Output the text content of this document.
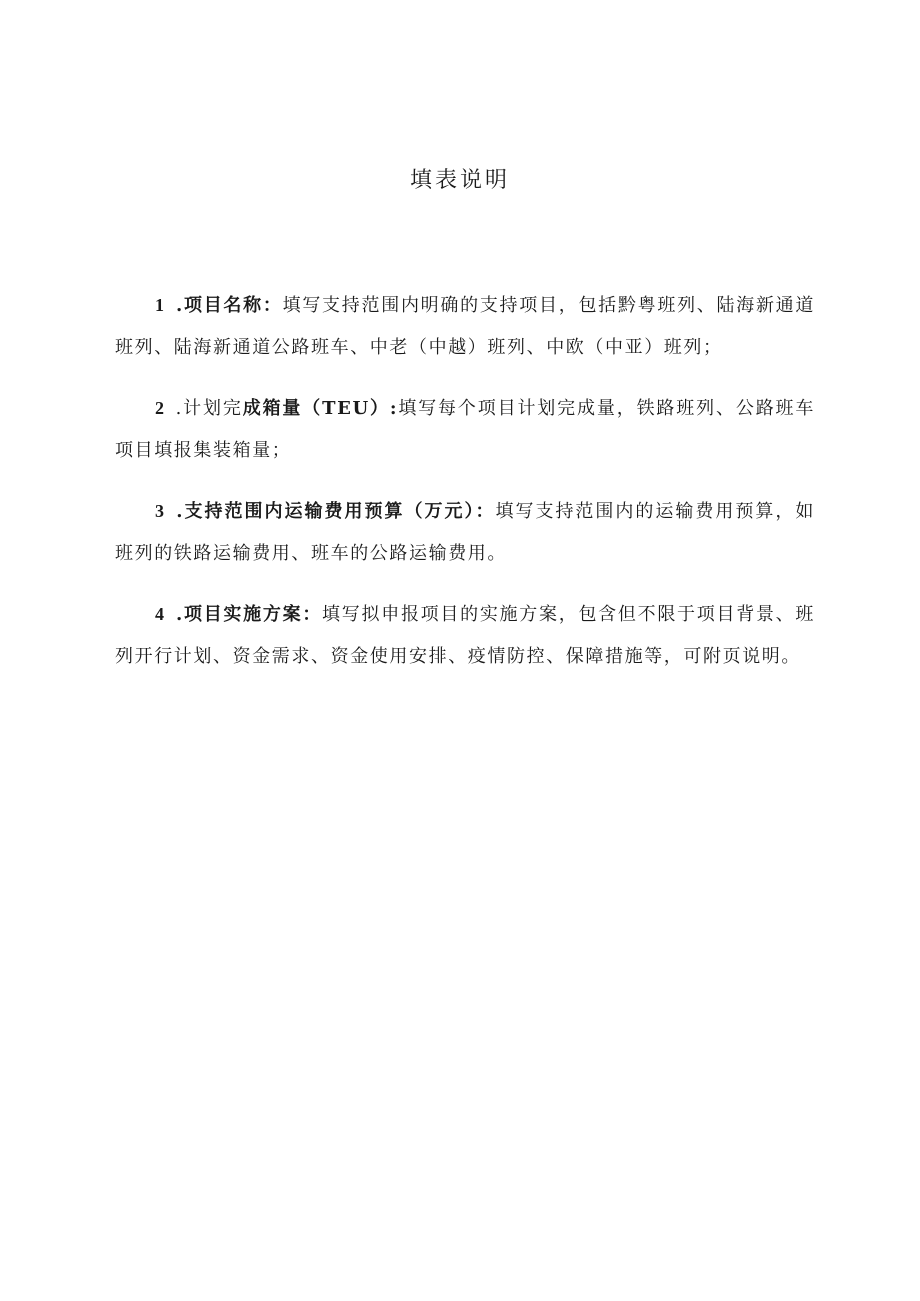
填表说明

1 .项目名称：填写支持范围内明确的支持项目，包括黔粤班列、陆海新通道班列、陆海新通道公路班车、中老（中越）班列、中欧（中亚）班列；

2 .计划完成箱量（TEU）:填写每个项目计划完成量，铁路班列、公路班车项目填报集装箱量；

3 .支持范围内运输费用预算（万元）：填写支持范围内的运输费用预算，如班列的铁路运输费用、班车的公路运输费用。

4 .项目实施方案：填写拟申报项目的实施方案，包含但不限于项目背景、班列开行计划、资金需求、资金使用安排、疫情防控、保障措施等，可附页说明。
